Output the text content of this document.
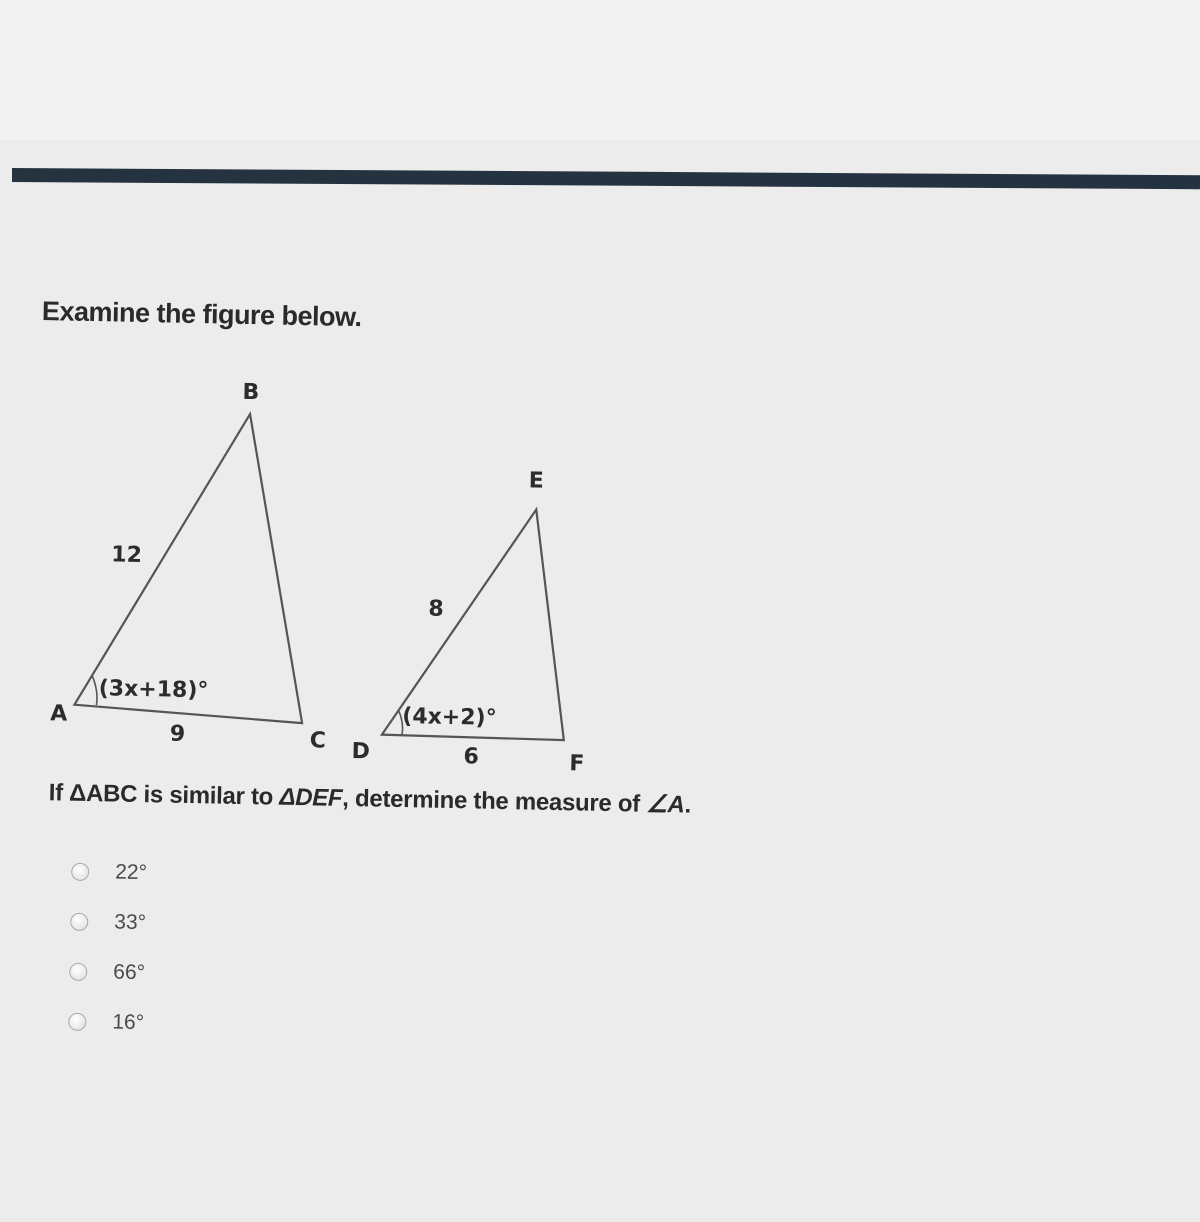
Examine the figure below.
B
A
C
12
9
(3x+18)°
E
D	F
8
6
(4x+2)°
If ΔABC is similar to ΔDEF, determine the measure of ∠A.
22°
33°
66°
16°
